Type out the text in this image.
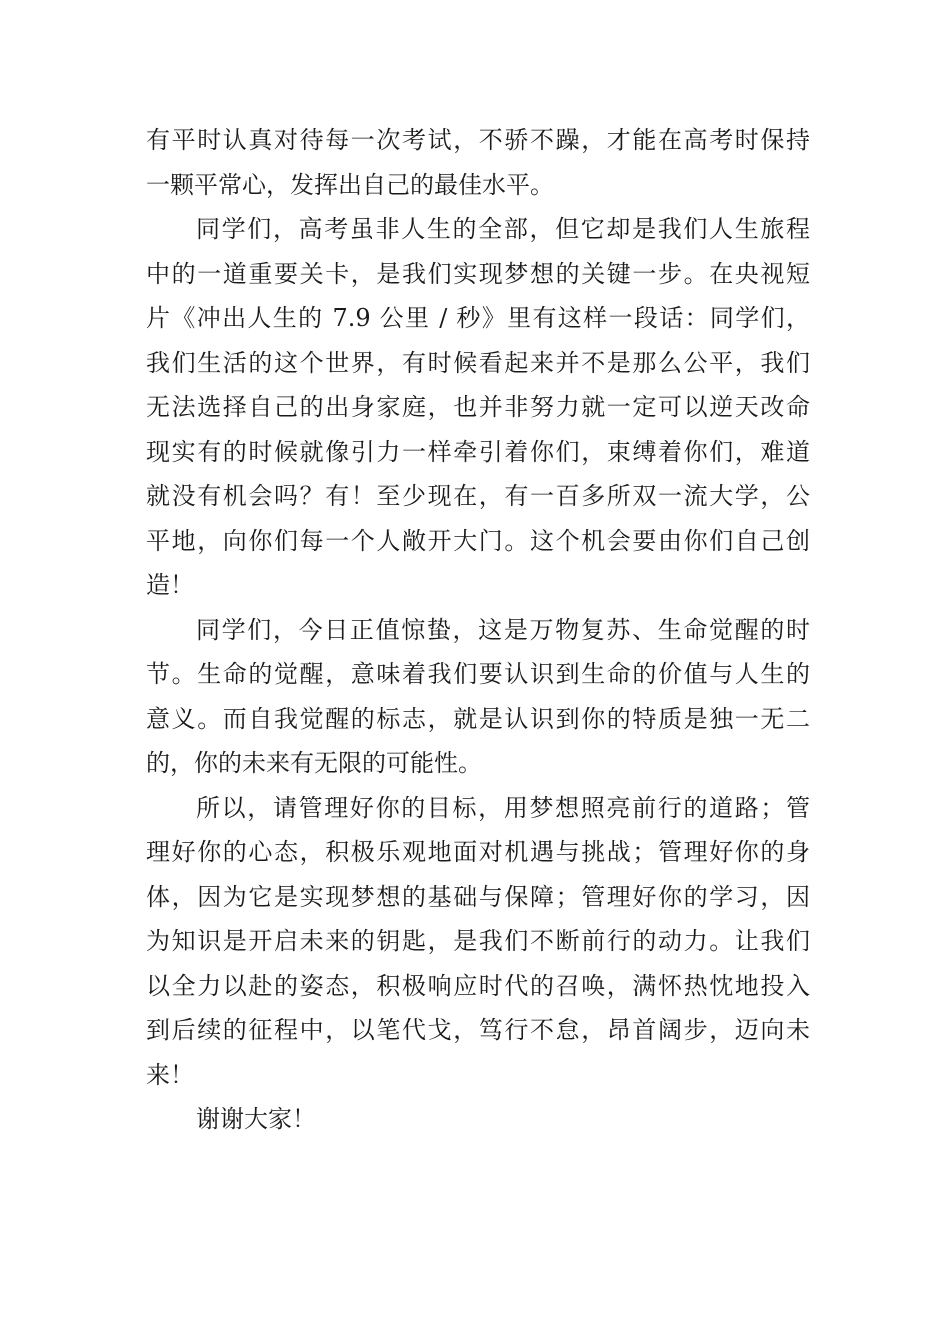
有平时认真对待每一次考试，不骄不躁，才能在高考时保持
一颗平常心，发挥出自己的最佳水平。
同学们，高考虽非人生的全部，但它却是我们人生旅程
中的一道重要关卡，是我们实现梦想的关键一步。在央视短
片《冲出人生的 7.9 公里 / 秒》里有这样一段话：同学们，
我们生活的这个世界，有时候看起来并不是那么公平，我们
无法选择自己的出身家庭，也并非努力就一定可以逆天改命
现实有的时候就像引力一样牵引着你们，束缚着你们，难道
就没有机会吗？有！至少现在，有一百多所双一流大学，公
平地，向你们每一个人敞开大门。这个机会要由你们自己创
造！
同学们，今日正值惊蛰，这是万物复苏、生命觉醒的时
节。生命的觉醒，意味着我们要认识到生命的价值与人生的
意义。而自我觉醒的标志，就是认识到你的特质是独一无二
的，你的未来有无限的可能性。
所以，请管理好你的目标，用梦想照亮前行的道路；管
理好你的心态，积极乐观地面对机遇与挑战；管理好你的身
体，因为它是实现梦想的基础与保障；管理好你的学习，因
为知识是开启未来的钥匙，是我们不断前行的动力。让我们
以全力以赴的姿态，积极响应时代的召唤，满怀热忱地投入
到后续的征程中，以笔代戈，笃行不怠，昂首阔步，迈向未
来！
谢谢大家！
